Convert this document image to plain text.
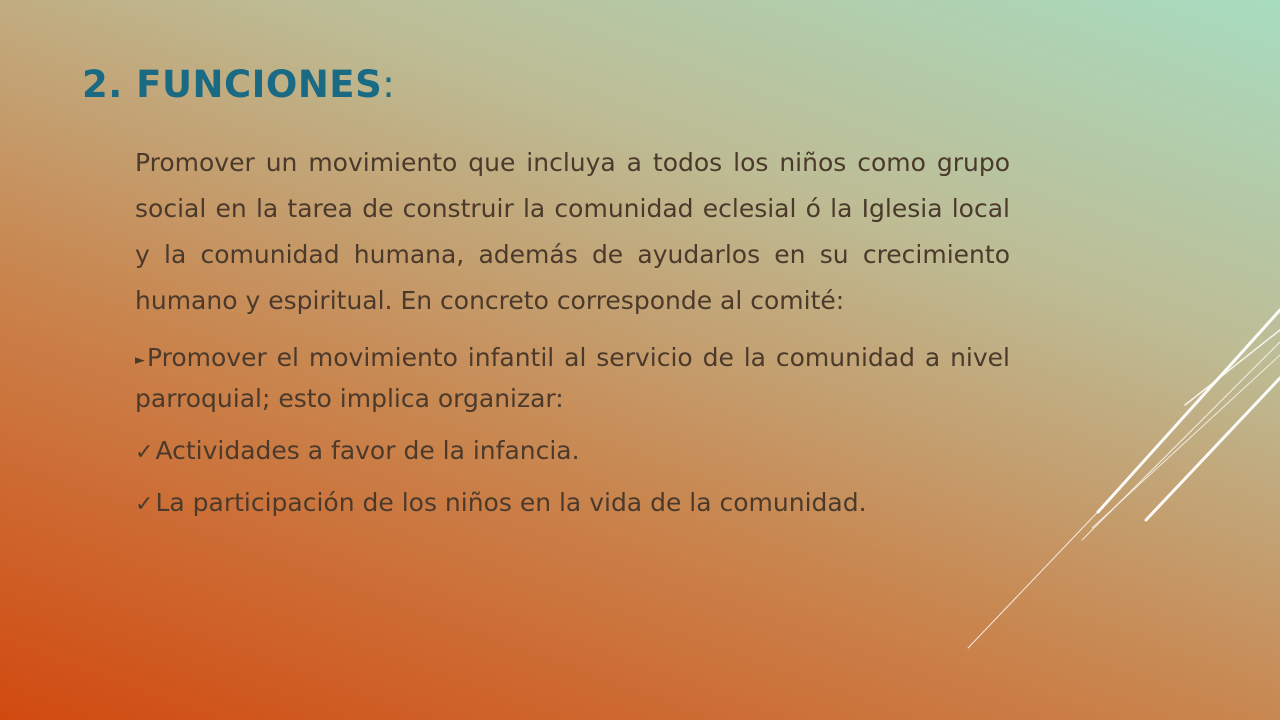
2. FUNCIONES:

Promover un movimiento que incluya a todos los niños como grupo social en la tarea de construir la comunidad eclesial ó la Iglesia local y la comunidad humana, además de ayudarlos en su crecimiento humano y espiritual. En concreto corresponde al comité:

►Promover el movimiento infantil al servicio de la comunidad a nivel parroquial; esto implica organizar:
✓Actividades a favor de la infancia.
✓La participación de los niños en la vida de la comunidad.
